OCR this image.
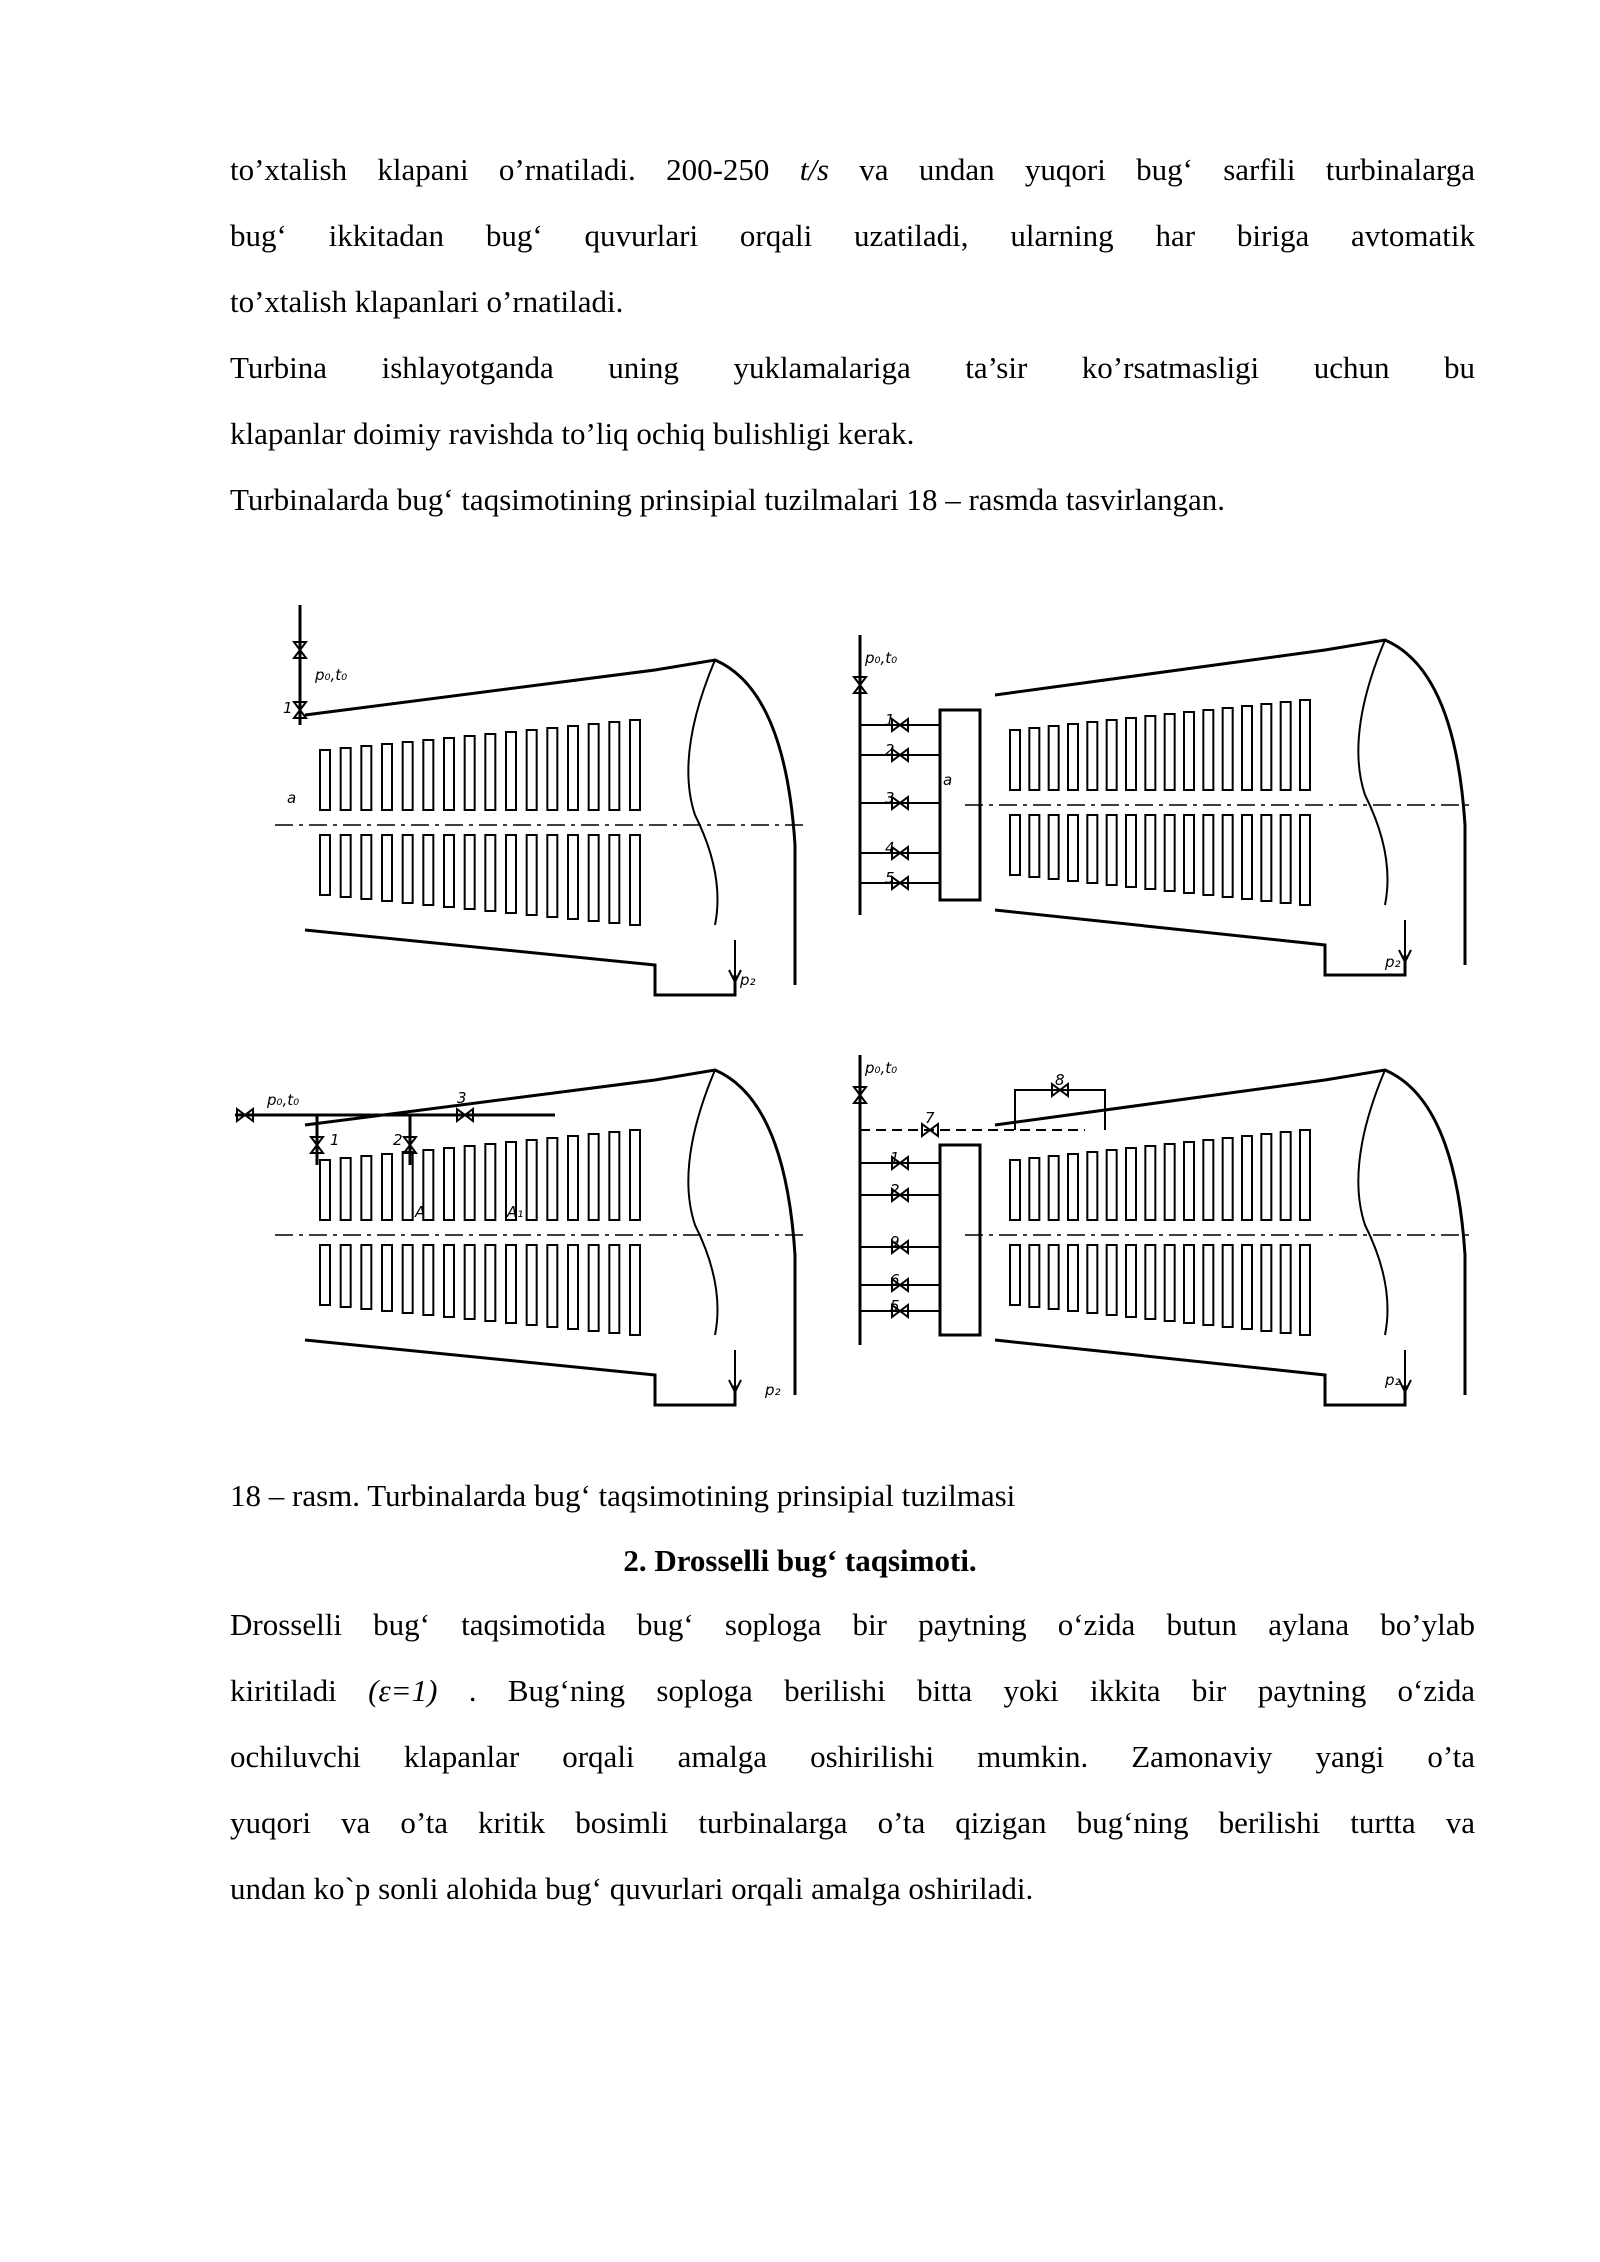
to’xtalish klapani o’rnatiladi. 200-250 t/s va undan yuqori bug‘ sarfili turbinalarga
bug‘ ikkitadan bug‘ quvurlari orqali uzatiladi, ularning har biriga avtomatik
to’xtalish klapanlari o’rnatiladi.
Turbina ishlayotganda uning yuklamalariga ta’sir ko’rsatmasligi uchun bu
klapanlar doimiy ravishda to’liq ochiq bulishligi kerak.
Turbinalarda bug‘ taqsimotining prinsipial tuzilmalari 18 – rasmda tasvirlangan.
p₀,t₀
1
a
p₂
p₀,t₀
1
2
3
4
5
a
p₂
p₀,t₀
1	2
3
A	A₁
p₂
p₀,t₀
7
8
1
2
9
6
5
p₂
18 – rasm. Turbinalarda bug‘ taqsimotining prinsipial tuzilmasi
2. Drosselli bug‘ taqsimoti.
Drosselli bug‘ taqsimotida bug‘ soploga bir paytning o‘zida butun aylana bo’ylab
kiritiladi (ε=1) . Bug‘ning soploga berilishi bitta yoki ikkita bir paytning o‘zida
ochiluvchi klapanlar orqali amalga oshirilishi mumkin. Zamonaviy yangi o’ta
yuqori va o’ta kritik bosimli turbinalarga o’ta qizigan bug‘ning berilishi turtta va
undan ko`p sonli alohida bug‘ quvurlari orqali amalga oshiriladi.
